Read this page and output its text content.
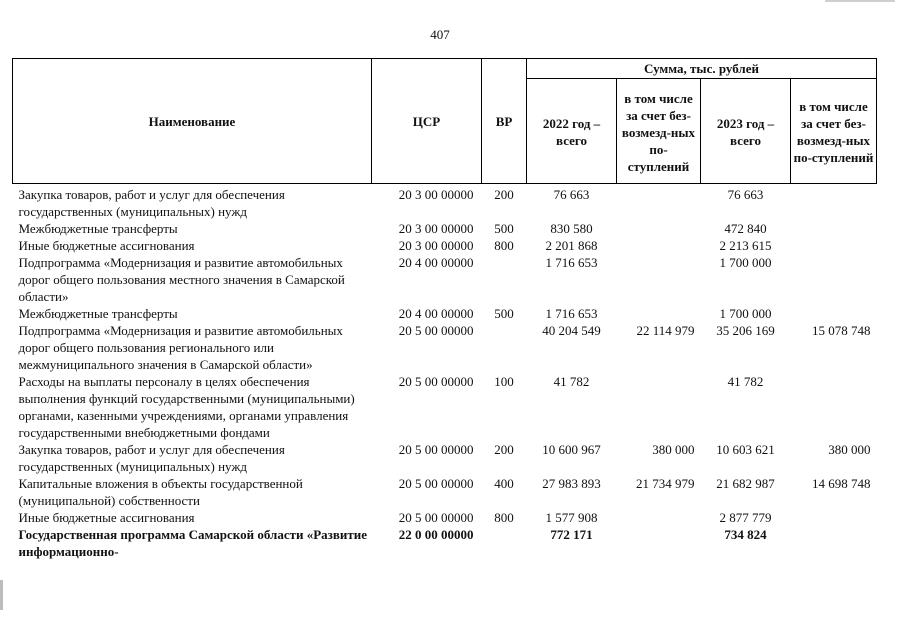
407
Наименование	ЦСР	ВР	Сумма, тыс. рублей			
			2022 год – всего	в том числе за счет без-возмезд-ных по-ступлений	2023 год – всего	в том числе за счет без-возмезд-ных по-ступлений
Закупка товаров, работ и услуг для обеспечения государственных (муниципальных) нужд	20 3 00 00000	200	76 663		76 663	
Межбюджетные трансферты	20 3 00 00000	500	830 580		472 840	
Иные бюджетные ассигнования	20 3 00 00000	800	2 201 868		2 213 615	
Подпрограмма «Модернизация и развитие автомобильных дорог общего пользования местного значения в Самарской области»	20 4 00 00000		1 716 653		1 700 000	
Межбюджетные трансферты	20 4 00 00000	500	1 716 653		1 700 000	
Подпрограмма «Модернизация и развитие автомобильных дорог общего пользования регионального или межмуниципального значения в Самарской области»	20 5 00 00000		40 204 549	22 114 979	35 206 169	15 078 748
Расходы на выплаты персоналу в целях обеспечения выполнения функций государственными (муниципальными) органами, казенными учреждениями, органами управления государственными внебюджетными фондами	20 5 00 00000	100	41 782		41 782	
Закупка товаров, работ и услуг для обеспечения государственных (муниципальных) нужд	20 5 00 00000	200	10 600 967	380 000	10 603 621	380 000
Капитальные вложения в объекты государственной (муниципальной) собственности	20 5 00 00000	400	27 983 893	21 734 979	21 682 987	14 698 748
Иные бюджетные ассигнования	20 5 00 00000	800	1 577 908		2 877 779	
Государственная программа Самарской области «Развитие информационно-	22 0 00 00000		772 171		734 824	
